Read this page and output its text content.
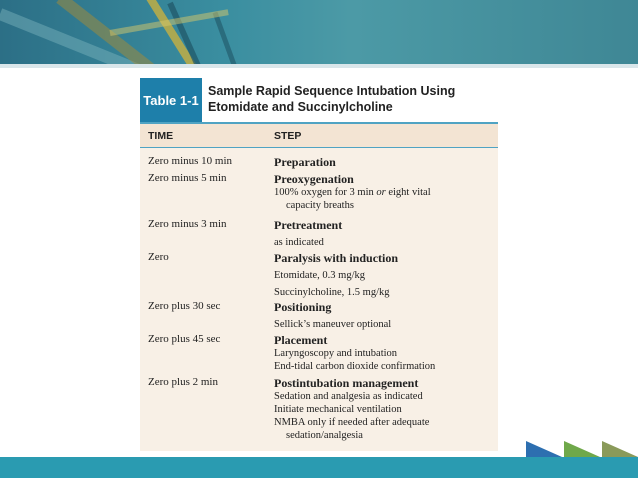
Table 1-1
Sample Rapid Sequence Intubation Using
Etomidate and Succinylcholine
TIME	STEP
Zero minus 10 min	Preparation
Zero minus 5 min	Preoxygenation
100% oxygen for 3 min or eight vital
capacity breaths
Zero minus 3 min	Pretreatment
as indicated
Zero	Paralysis with induction
Etomidate, 0.3 mg/kg
Succinylcholine, 1.5 mg/kg
Zero plus 30 sec	Positioning
Sellick’s maneuver optional
Zero plus 45 sec	Placement
Laryngoscopy and intubation
End-tidal carbon dioxide confirmation
Zero plus 2 min	Postintubation management
Sedation and analgesia as indicated
Initiate mechanical ventilation
NMBA only if needed after adequate
sedation/analgesia
